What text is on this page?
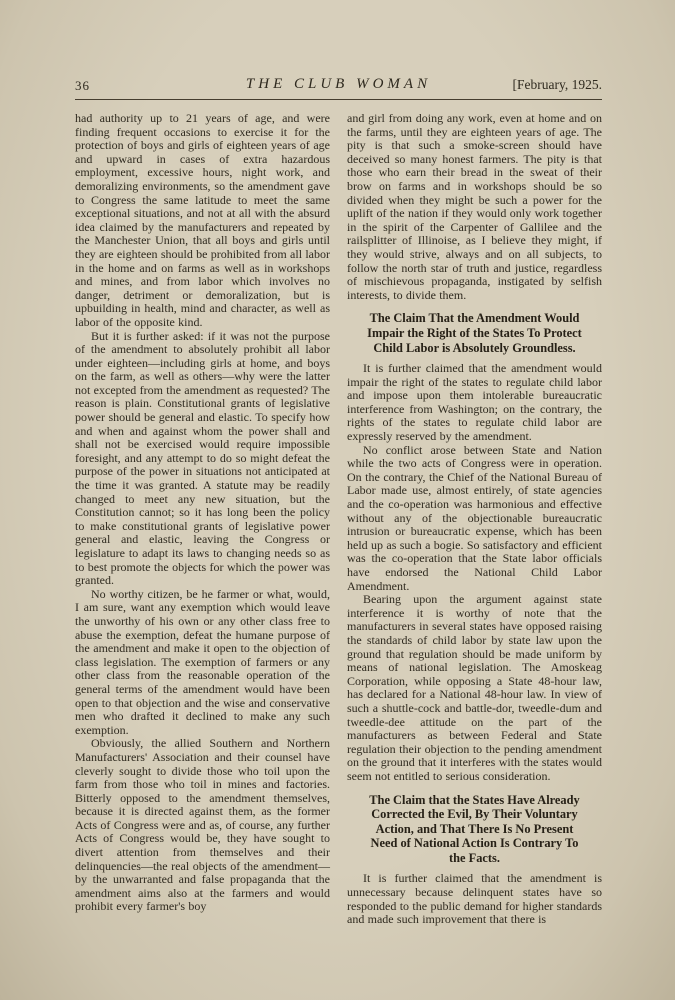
36	THE CLUB WOMAN	[February, 1925.

had authority up to 21 years of age, and were finding frequent occasions to exercise it for the protection of boys and girls of eighteen years of age and upward in cases of extra hazardous employment, excessive hours, night work, and demoralizing environments, so the amendment gave to Congress the same latitude to meet the same exceptional situations, and not at all with the absurd idea claimed by the manufacturers and repeated by the Manchester Union, that all boys and girls until they are eighteen should be prohibited from all labor in the home and on farms as well as in workshops and mines, and from labor which involves no danger, detriment or demoralization, but is upbuilding in health, mind and character, as well as labor of the opposite kind.

But it is further asked: if it was not the purpose of the amendment to absolutely prohibit all labor under eighteen—including girls at home, and boys on the farm, as well as others—why were the latter not excepted from the amendment as requested? The reason is plain. Constitutional grants of legislative power should be general and elastic. To specify how and when and against whom the power shall and shall not be exercised would require impossible foresight, and any attempt to do so might defeat the purpose of the power in situations not anticipated at the time it was granted. A statute may be readily changed to meet any new situation, but the Constitution cannot; so it has long been the policy to make constitutional grants of legislative power general and elastic, leaving the Congress or legislature to adapt its laws to changing needs so as to best promote the objects for which the power was granted.

No worthy citizen, be he farmer or what, would, I am sure, want any exemption which would leave the unworthy of his own or any other class free to abuse the exemption, defeat the humane purpose of the amendment and make it open to the objection of class legislation. The exemption of farmers or any other class from the reasonable operation of the general terms of the amendment would have been open to that objection and the wise and conservative men who drafted it declined to make any such exemption.

Obviously, the allied Southern and Northern Manufacturers' Association and their counsel have cleverly sought to divide those who toil upon the farm from those who toil in mines and factories. Bitterly opposed to the amendment themselves, because it is directed against them, as the former Acts of Congress were and as, of course, any further Acts of Congress would be, they have sought to divert attention from themselves and their delinquencies—the real objects of the amendment—by the unwarranted and false propaganda that the amendment aims also at the farmers and would prohibit every farmer's boy

and girl from doing any work, even at home and on the farms, until they are eighteen years of age. The pity is that such a smoke-screen should have deceived so many honest farmers. The pity is that those who earn their bread in the sweat of their brow on farms and in workshops should be so divided when they might be such a power for the uplift of the nation if they would only work together in the spirit of the Carpenter of Gallilee and the railsplitter of Illinoise, as I believe they might, if they would strive, always and on all subjects, to follow the north star of truth and justice, regardless of mischievous propaganda, instigated by selfish interests, to divide them.

The Claim That the Amendment Would Impair the Right of the States To Protect Child Labor is Absolutely Groundless.

It is further claimed that the amendment would impair the right of the states to regulate child labor and impose upon them intolerable bureaucratic interference from Washington; on the contrary, the rights of the states to regulate child labor are expressly reserved by the amendment.

No conflict arose between State and Nation while the two acts of Congress were in operation. On the contrary, the Chief of the National Bureau of Labor made use, almost entirely, of state agencies and the co-operation was harmonious and effective without any of the objectionable bureaucratic intrusion or bureaucratic expense, which has been held up as such a bogie. So satisfactory and efficient was the co-operation that the State labor officials have endorsed the National Child Labor Amendment.

Bearing upon the argument against state interference it is worthy of note that the manufacturers in several states have opposed raising the standards of child labor by state law upon the ground that regulation should be made uniform by means of national legislation. The Amoskeag Corporation, while opposing a State 48-hour law, has declared for a National 48-hour law. In view of such a shuttle-cock and battle-dor, tweedle-dum and tweedle-dee attitude on the part of the manufacturers as between Federal and State regulation their objection to the pending amendment on the ground that it interferes with the states would seem not entitled to serious consideration.

The Claim that the States Have Already Corrected the Evil, By Their Voluntary Action, and That There Is No Present Need of National Action Is Contrary To the Facts.

It is further claimed that the amendment is unnecessary because delinquent states have so responded to the public demand for higher standards and made such improvement that there is
